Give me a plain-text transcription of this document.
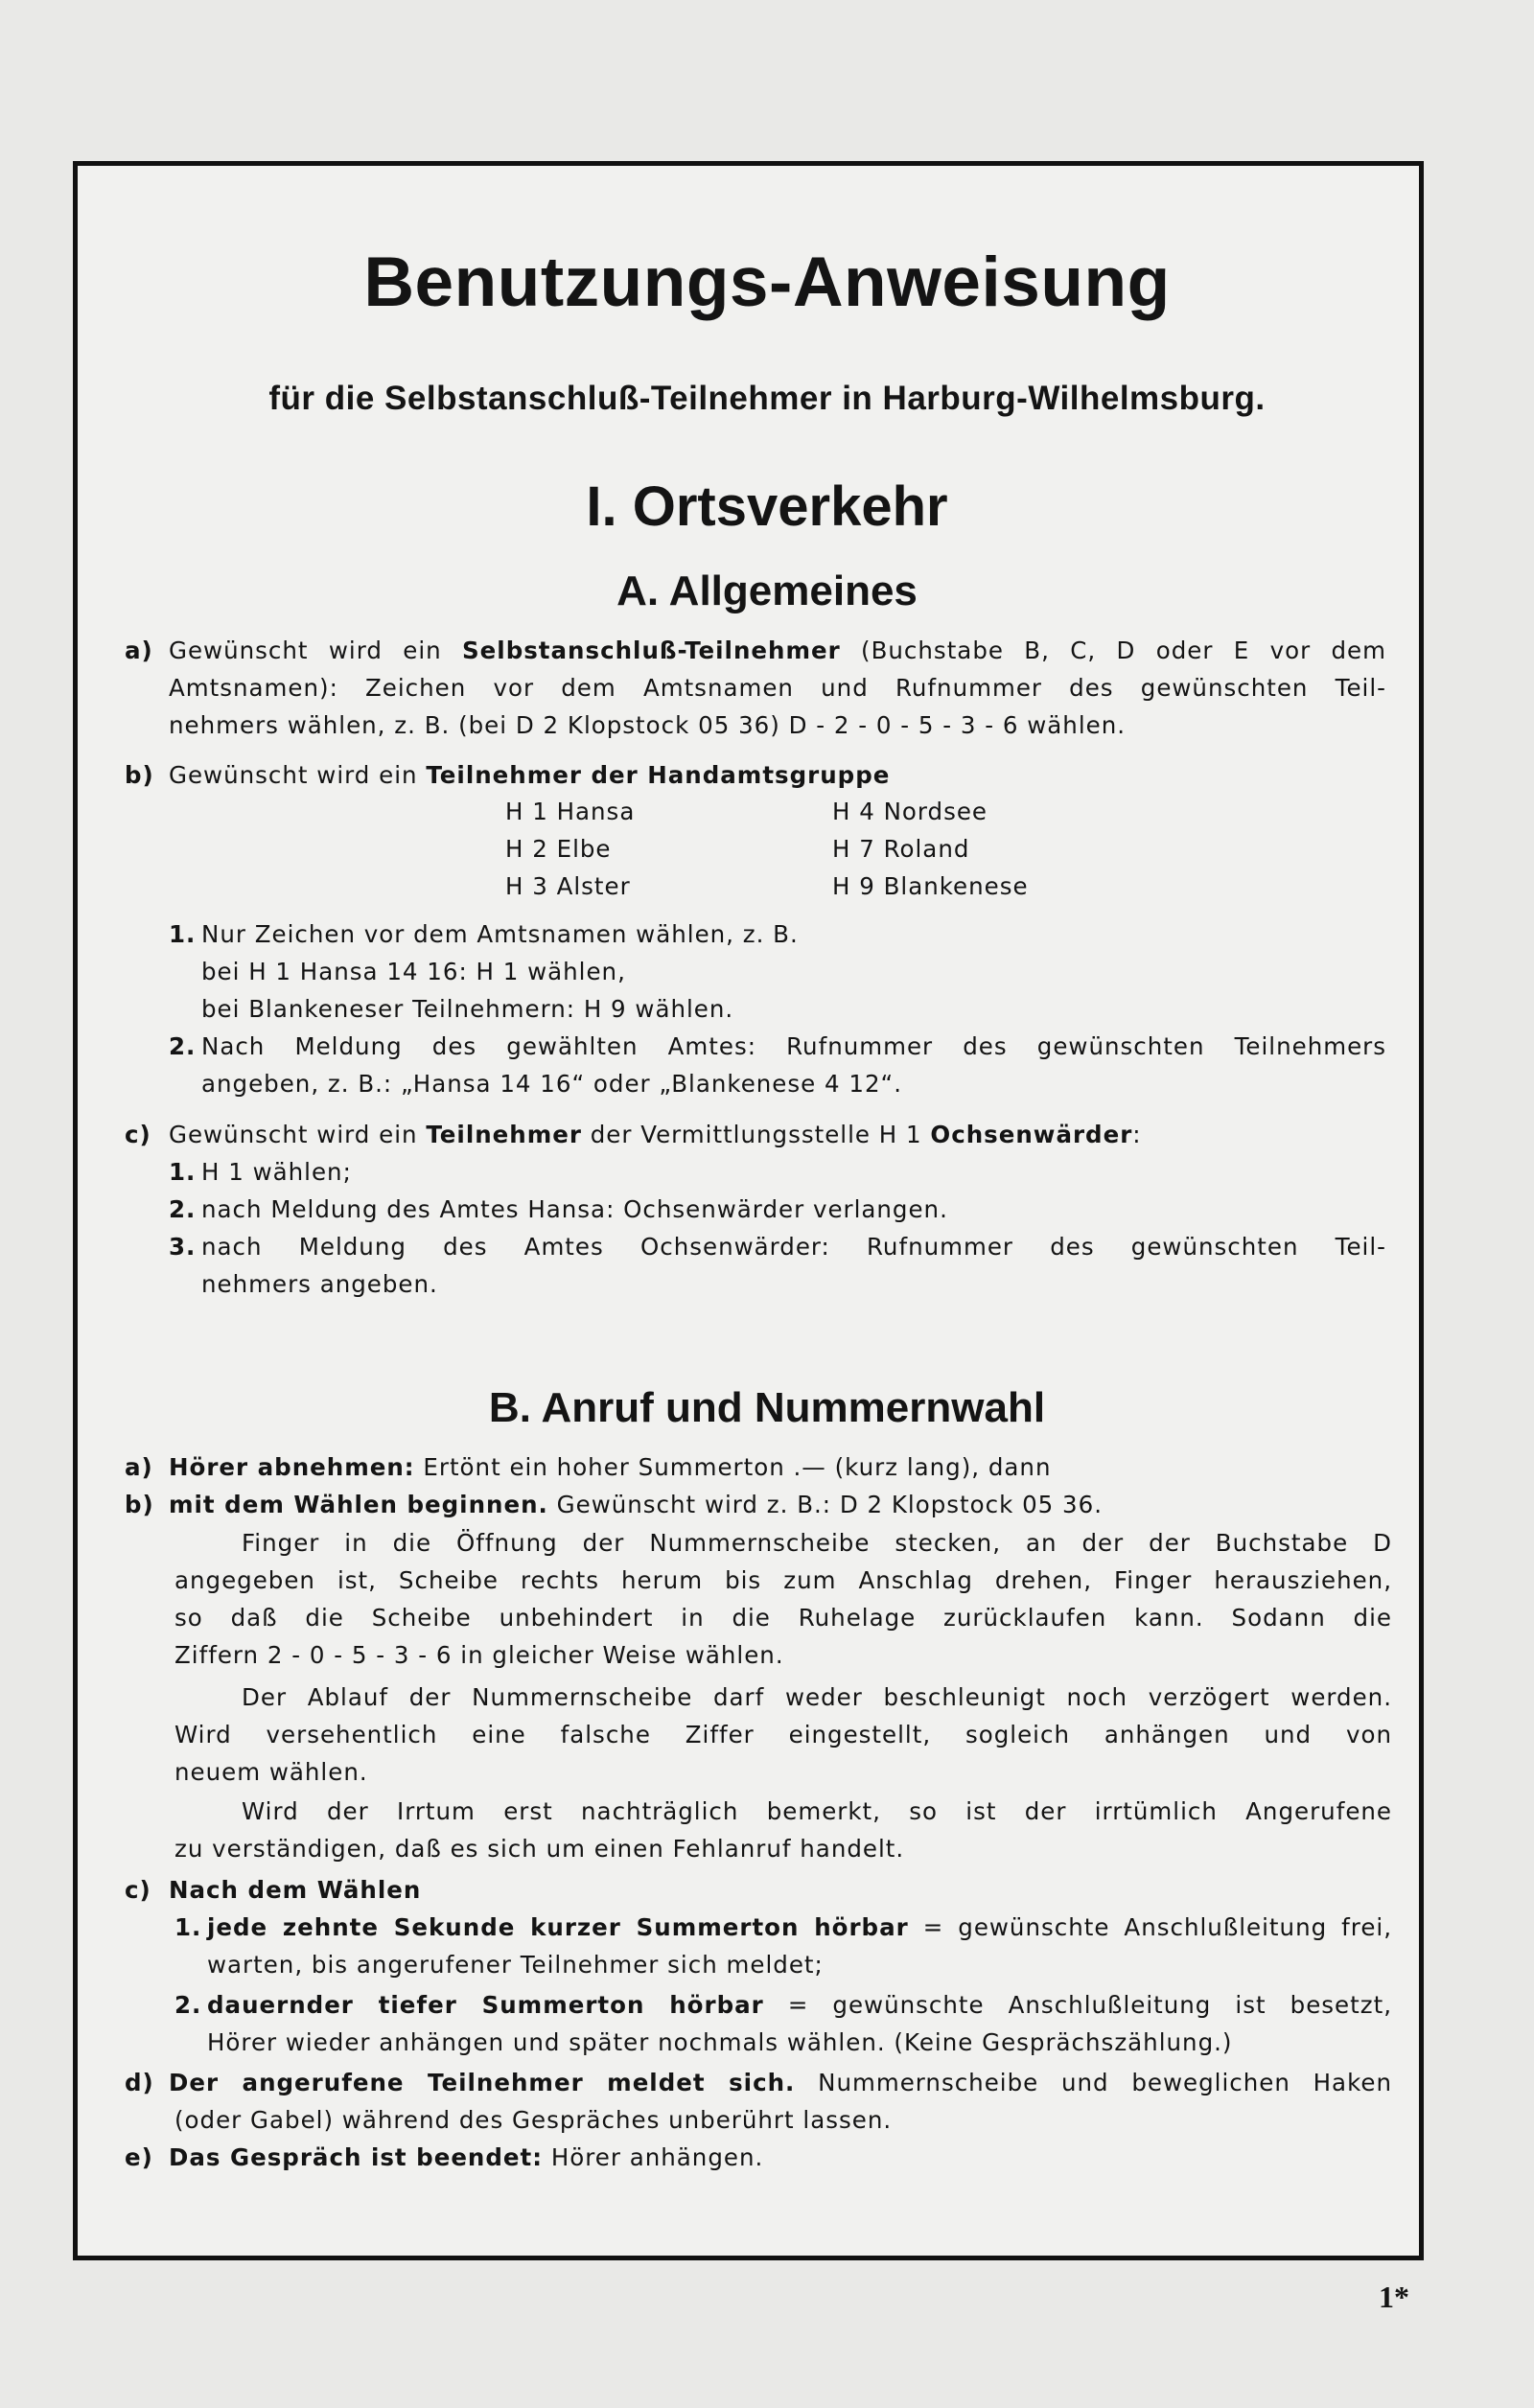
Benutzungs-Anweisung
für die Selbstanschluß-Teilnehmer in Harburg-Wilhelmsburg.
I. Ortsverkehr
A. Allgemeines
a) Gewünscht wird ein Selbstanschluß-Teilnehmer (Buchstabe B, C, D oder E vor dem
Amtsnamen): Zeichen vor dem Amtsnamen und Rufnummer des gewünschten Teil-
nehmers wählen, z. B. (bei D 2 Klopstock 05 36) D - 2 - 0 - 5 - 3 - 6 wählen.
b) Gewünscht wird ein Teilnehmer der Handamtsgruppe
H 1 Hansa
H 2 Elbe
H 3 Alster
H 4 Nordsee
H 7 Roland
H 9 Blankenese
1. Nur Zeichen vor dem Amtsnamen wählen, z. B.
bei H 1 Hansa 14 16: H 1 wählen,
bei Blankeneser Teilnehmern: H 9 wählen.
2. Nach Meldung des gewählten Amtes: Rufnummer des gewünschten Teilnehmers
angeben, z. B.: „Hansa 14 16“ oder „Blankenese 4 12“.
c) Gewünscht wird ein Teilnehmer der Vermittlungsstelle H 1 Ochsenwärder:
1. H 1 wählen;
2. nach Meldung des Amtes Hansa: Ochsenwärder verlangen.
3. nach Meldung des Amtes Ochsenwärder: Rufnummer des gewünschten Teil-
nehmers angeben.
B. Anruf und Nummernwahl
a) Hörer abnehmen: Ertönt ein hoher Summerton .— (kurz lang), dann
b) mit dem Wählen beginnen. Gewünscht wird z. B.: D 2 Klopstock 05 36.
Finger in die Öffnung der Nummernscheibe stecken, an der der Buchstabe D
angegeben ist, Scheibe rechts herum bis zum Anschlag drehen, Finger herausziehen,
so daß die Scheibe unbehindert in die Ruhelage zurücklaufen kann. Sodann die
Ziffern 2 - 0 - 5 - 3 - 6 in gleicher Weise wählen.
Der Ablauf der Nummernscheibe darf weder beschleunigt noch verzögert werden.
Wird versehentlich eine falsche Ziffer eingestellt, sogleich anhängen und von
neuem wählen.
Wird der Irrtum erst nachträglich bemerkt, so ist der irrtümlich Angerufene
zu verständigen, daß es sich um einen Fehlanruf handelt.
c) Nach dem Wählen
1. jede zehnte Sekunde kurzer Summerton hörbar = gewünschte Anschlußleitung frei,
warten, bis angerufener Teilnehmer sich meldet;
2. dauernder tiefer Summerton hörbar = gewünschte Anschlußleitung ist besetzt,
Hörer wieder anhängen und später nochmals wählen. (Keine Gesprächszählung.)
d) Der angerufene Teilnehmer meldet sich. Nummernscheibe und beweglichen Haken
(oder Gabel) während des Gespräches unberührt lassen.
e) Das Gespräch ist beendet: Hörer anhängen.
1*
